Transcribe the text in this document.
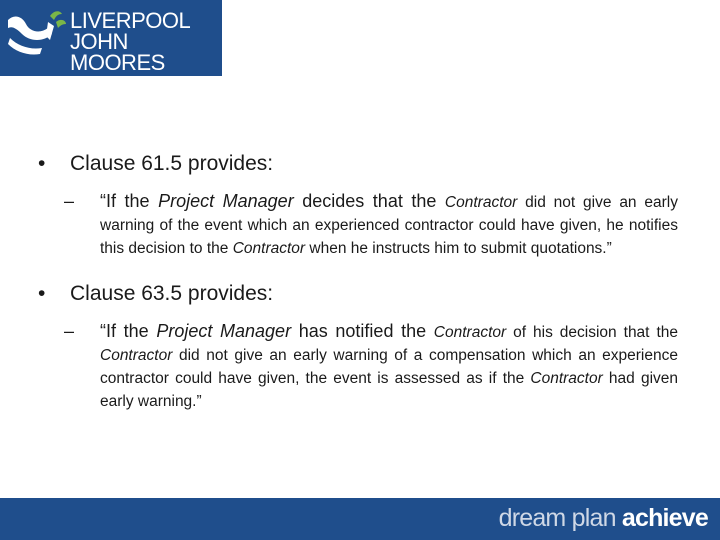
LIVERPOOL
JOHN MOORES
UNIVERSITY
• Clause 61.5 provides:
– “If the Project Manager decides that the Contractor did not give an early warning of the event which an experienced contractor could have given, he notifies this decision to the Contractor when he instructs him to submit quotations.”
• Clause 63.5 provides:
– “If the Project Manager has notified the Contractor of his decision that the Contractor did not give an early warning of a compensation which an experience contractor could have given, the event is assessed as if the Contractor had given early warning.”
dream plan achieve
